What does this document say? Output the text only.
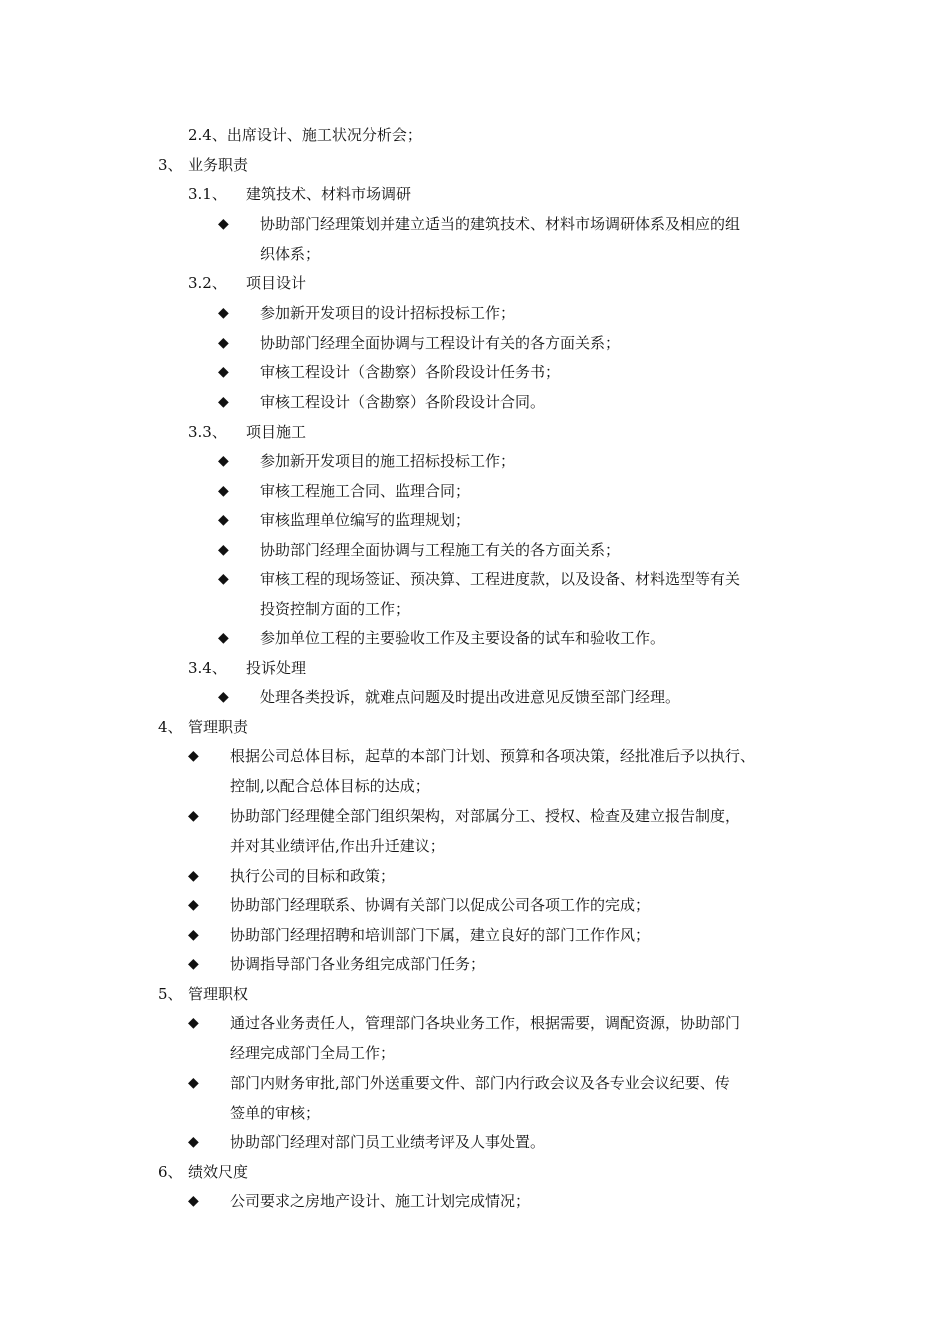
2.4、出席设计、施工状况分析会；
3、 业务职责
3.1、 建筑技术、材料市场调研
◆ 协助部门经理策划并建立适当的建筑技术、材料市场调研体系及相应的组
织体系；
3.2、 项目设计
◆ 参加新开发项目的设计招标投标工作；
◆ 协助部门经理全面协调与工程设计有关的各方面关系；
◆ 审核工程设计（含勘察）各阶段设计任务书；
◆ 审核工程设计（含勘察）各阶段设计合同。
3.3、 项目施工
◆ 参加新开发项目的施工招标投标工作；
◆ 审核工程施工合同、监理合同；
◆ 审核监理单位编写的监理规划；
◆ 协助部门经理全面协调与工程施工有关的各方面关系；
◆ 审核工程的现场签证、预决算、工程进度款，以及设备、材料选型等有关
投资控制方面的工作；
◆ 参加单位工程的主要验收工作及主要设备的试车和验收工作。
3.4、 投诉处理
◆ 处理各类投诉，就难点问题及时提出改进意见反馈至部门经理。
4、 管理职责
◆ 根据公司总体目标，起草的本部门计划、预算和各项决策，经批准后予以执行、
控制,以配合总体目标的达成；
◆ 协助部门经理健全部门组织架构，对部属分工、授权、检查及建立报告制度，
并对其业绩评估,作出升迁建议；
◆ 执行公司的目标和政策；
◆ 协助部门经理联系、协调有关部门以促成公司各项工作的完成；
◆ 协助部门经理招聘和培训部门下属，建立良好的部门工作作风；
◆ 协调指导部门各业务组完成部门任务；
5、 管理职权
◆ 通过各业务责任人，管理部门各块业务工作，根据需要，调配资源，协助部门
经理完成部门全局工作；
◆ 部门内财务审批,部门外送重要文件、部门内行政会议及各专业会议纪要、传
签单的审核；
◆ 协助部门经理对部门员工业绩考评及人事处置。
6、 绩效尺度
◆ 公司要求之房地产设计、施工计划完成情况；
